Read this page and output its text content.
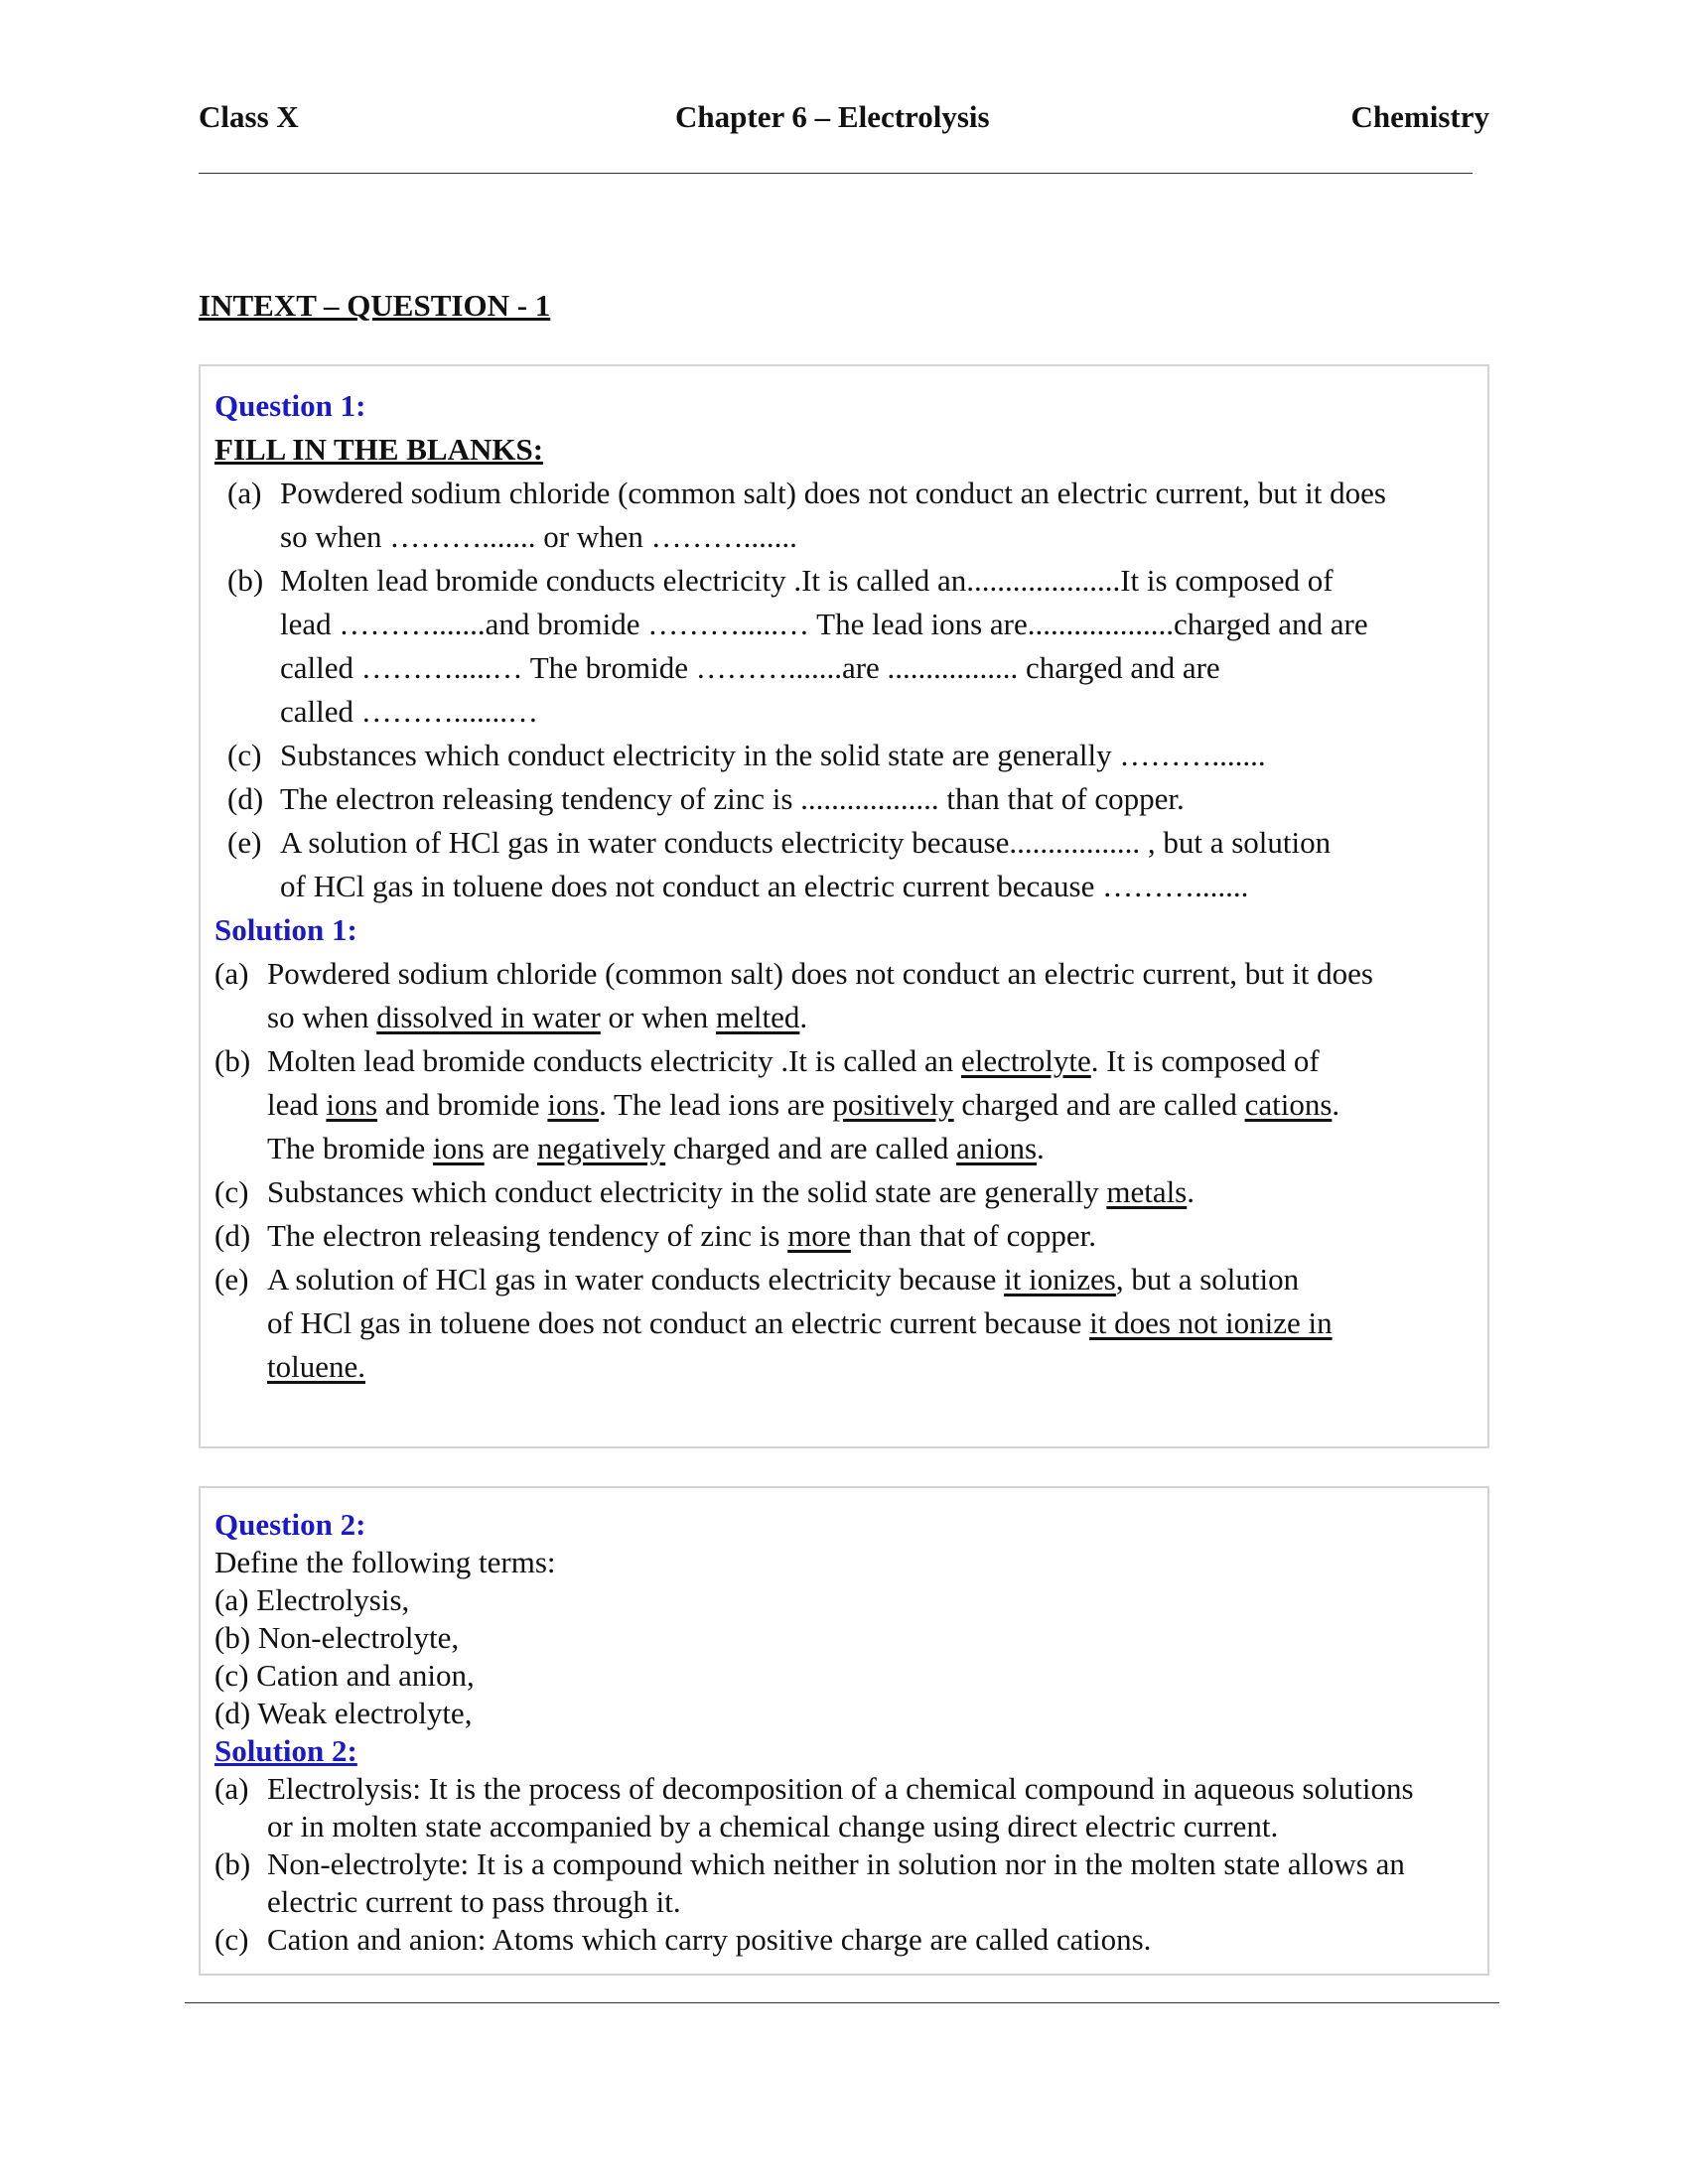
Class X	Chapter 6 – Electrolysis	Chemistry
INTEXT – QUESTION - 1
Question 1:
FILL IN THE BLANKS:
(a) Powdered sodium chloride (common salt) does not conduct an electric current, but it does
so when ………....... or when ……….......
(b) Molten lead bromide conducts electricity .It is called an....................It is composed of
lead ……….......and bromide ……….....… The lead ions are...................charged and are
called ……….....… The bromide ……….......are ................. charged and are
called ……….......…
(c) Substances which conduct electricity in the solid state are generally ……….......
(d) The electron releasing tendency of zinc is .................. than that of copper.
(e) A solution of HCl gas in water conducts electricity because................. , but a solution
of HCl gas in toluene does not conduct an electric current because ……….......
Solution 1:
(a) Powdered sodium chloride (common salt) does not conduct an electric current, but it does
so when dissolved in water or when melted.
(b) Molten lead bromide conducts electricity .It is called an electrolyte. It is composed of
lead ions and bromide ions. The lead ions are positively charged and are called cations.
The bromide ions are negatively charged and are called anions.
(c) Substances which conduct electricity in the solid state are generally metals.
(d) The electron releasing tendency of zinc is more than that of copper.
(e) A solution of HCl gas in water conducts electricity because it ionizes, but a solution
of HCl gas in toluene does not conduct an electric current because it does not ionize in
toluene.
Question 2:
Define the following terms:
(a) Electrolysis,
(b) Non-electrolyte,
(c) Cation and anion,
(d) Weak electrolyte,
Solution 2:
(a) Electrolysis: It is the process of decomposition of a chemical compound in aqueous solutions
or in molten state accompanied by a chemical change using direct electric current.
(b) Non-electrolyte: It is a compound which neither in solution nor in the molten state allows an
electric current to pass through it.
(c) Cation and anion: Atoms which carry positive charge are called cations.
